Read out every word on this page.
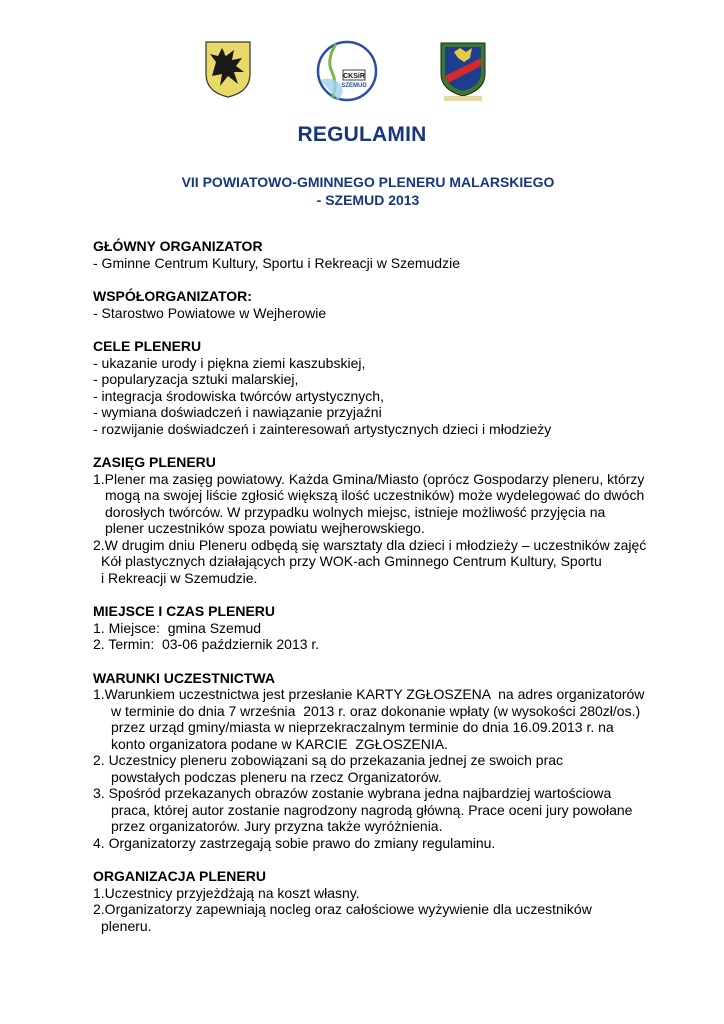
CKSiR
SZEMUD
REGULAMIN
VII POWIATOWO-GMINNEGO PLENERU MALARSKIEGO
- SZEMUD 2013
GŁÓWNY ORGANIZATOR
- Gminne Centrum Kultury, Sportu i Rekreacji w Szemudzie
WSPÓŁORGANIZATOR:
- Starostwo Powiatowe w Wejherowie
CELE PLENERU
- ukazanie urody i piękna ziemi kaszubskiej,
- popularyzacja sztuki malarskiej,
- integracja środowiska twórców artystycznych,
- wymiana doświadczeń i nawiązanie przyjaźni
- rozwijanie doświadczeń i zainteresowań artystycznych dzieci i młodzieży
ZASIĘG PLENERU
1.Plener ma zasięg powiatowy. Każda Gmina/Miasto (oprócz Gospodarzy pleneru, którzy
mogą na swojej liście zgłosić większą ilość uczestników) może wydelegować do dwóch
dorosłych twórców. W przypadku wolnych miejsc, istnieje możliwość przyjęcia na
plener uczestników spoza powiatu wejherowskiego.
2.W drugim dniu Pleneru odbędą się warsztaty dla dzieci i młodzieży – uczestników zajęć
Kół plastycznych działających przy WOK-ach Gminnego Centrum Kultury, Sportu
i Rekreacji w Szemudzie.
MIEJSCE I CZAS PLENERU
1. Miejsce:  gmina Szemud
2. Termin:  03-06 październik 2013 r.
WARUNKI UCZESTNICTWA
1.Warunkiem uczestnictwa jest przesłanie KARTY ZGŁOSZENA  na adres organizatorów
w terminie do dnia 7 września  2013 r. oraz dokonanie wpłaty (w wysokości 280zł/os.)
przez urząd gminy/miasta w nieprzekraczalnym terminie do dnia 16.09.2013 r. na
konto organizatora podane w KARCIE  ZGŁOSZENIA.
2. Uczestnicy pleneru zobowiązani są do przekazania jednej ze swoich prac
powstałych podczas pleneru na rzecz Organizatorów.
3. Spośród przekazanych obrazów zostanie wybrana jedna najbardziej wartościowa
praca, której autor zostanie nagrodzony nagrodą główną. Prace oceni jury powołane
przez organizatorów. Jury przyzna także wyróżnienia.
4. Organizatorzy zastrzegają sobie prawo do zmiany regulaminu.
ORGANIZACJA PLENERU
1.Uczestnicy przyjeżdżają na koszt własny.
2.Organizatorzy zapewniają nocleg oraz całościowe wyżywienie dla uczestników
pleneru.
